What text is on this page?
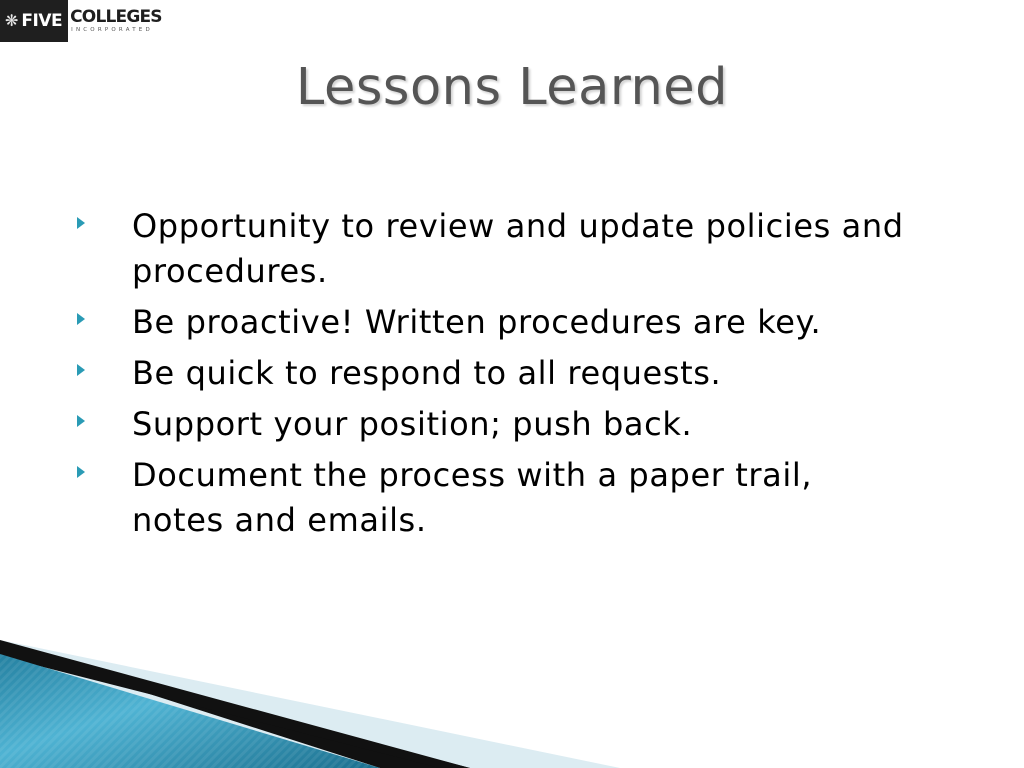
❋ FIVE COLLEGES
INCORPORATED
Lessons Learned
Opportunity to review and update policies and procedures.
Be proactive! Written procedures are key.
Be quick to respond to all requests.
Support your position; push back.
Document the process with a paper trail, notes and emails.
